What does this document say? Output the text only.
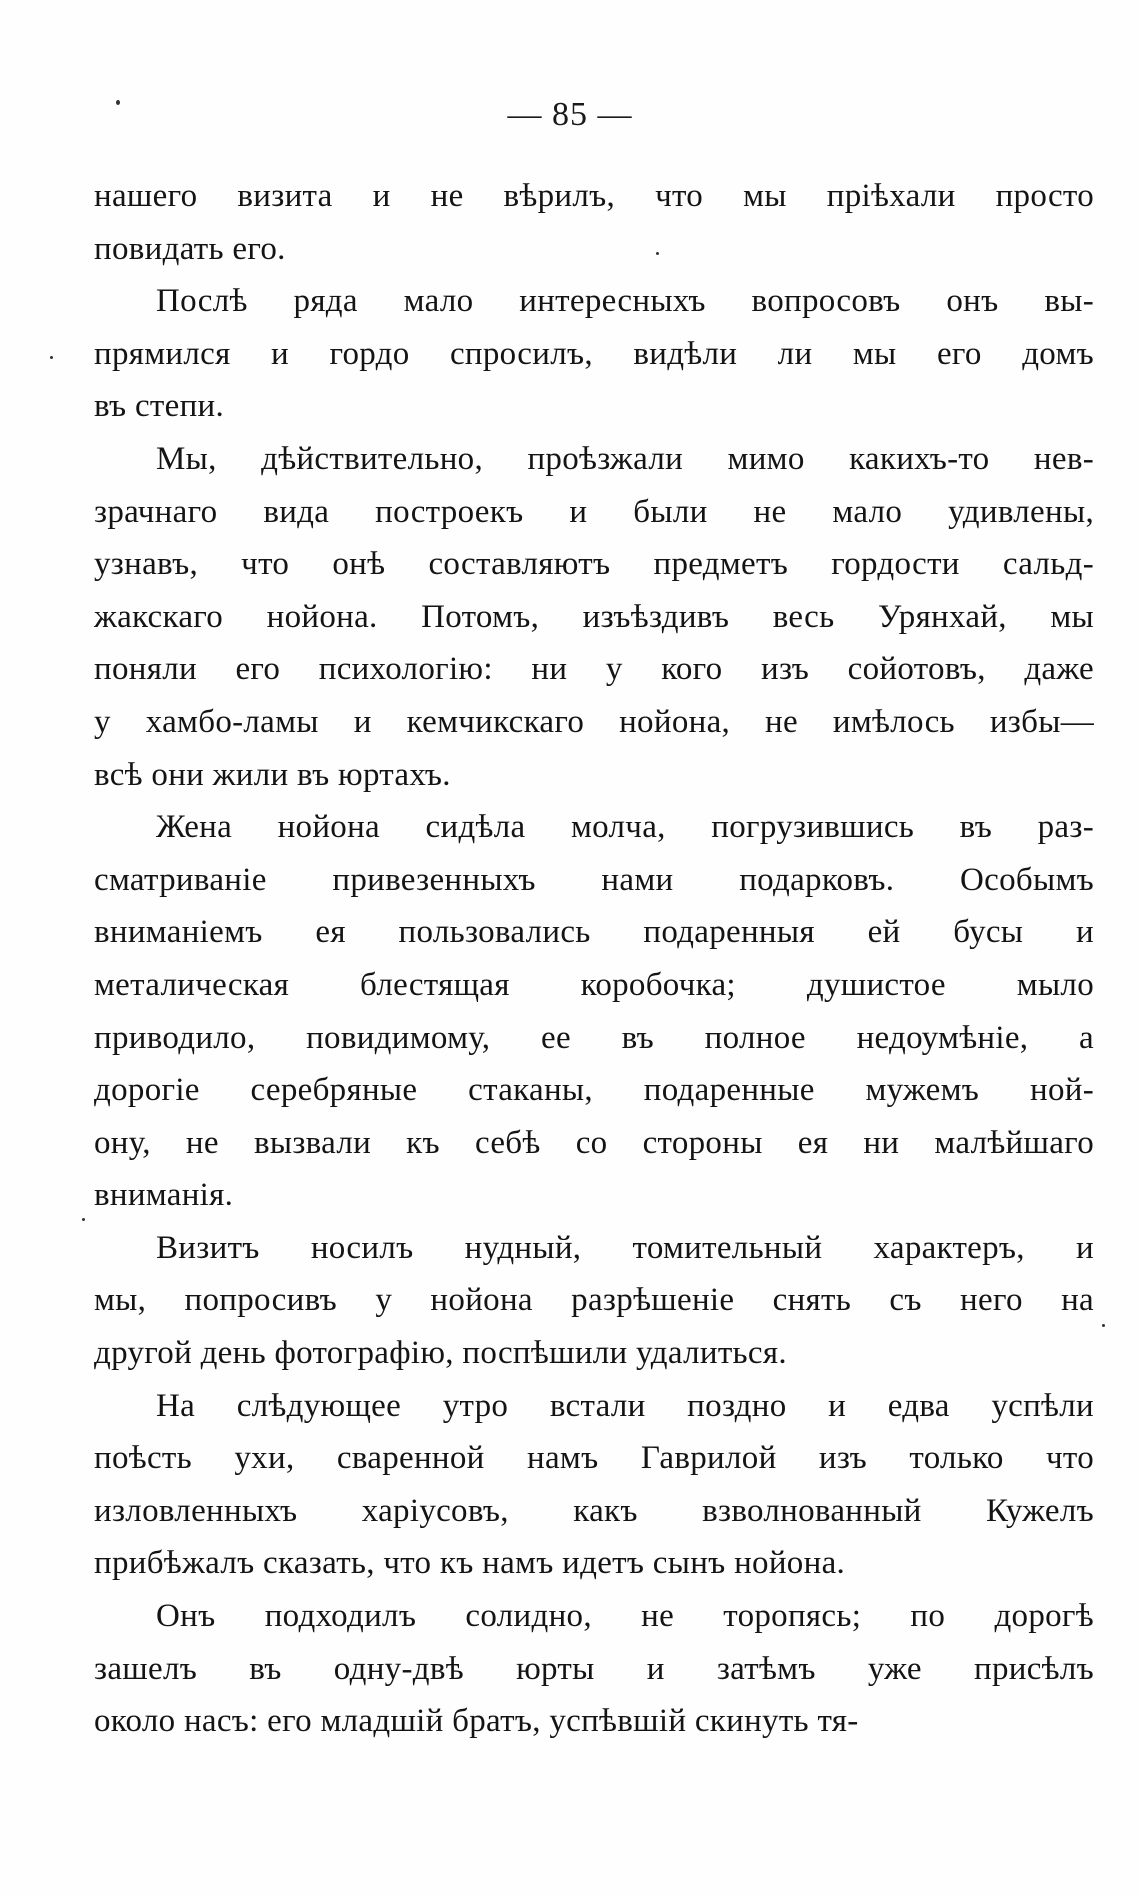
— 85 —
нашего визита и не вѣрилъ, что мы прiѣхали просто
повидать его.
Послѣ ряда мало интересныхъ вопросовъ онъ вы-
прямился и гордо спросилъ, видѣли ли мы его домъ
въ степи.
Мы, дѣйствительно, проѣзжали мимо какихъ-то нев-
зрачнаго вида построекъ и были не мало удивлены,
узнавъ, что онѣ составляютъ предметъ гордости сальд-
жакскаго нойона. Потомъ, изъѣздивъ весь Урянхай, мы
поняли его психологiю: ни у кого изъ сойотовъ, даже
у хамбо-ламы и кемчикскаго нойона, не имѣлось избы—
всѣ они жили въ юртахъ.
Жена нойона сидѣла молча, погрузившись въ раз-
сматриванiе привезенныхъ нами подарковъ. Особымъ
вниманiемъ ея пользовались подаренныя ей бусы и
металическая блестящая коробочка; душистое мыло
приводило, повидимому, ее въ полное недоумѣнiе, а
дорогiе серебряные стаканы, подаренные мужемъ ной-
ону, не вызвали къ себѣ со стороны ея ни малѣйшаго
вниманiя.
Визитъ носилъ нудный, томительный характеръ, и
мы, попросивъ у нойона разрѣшенiе снять съ него на
другой день фотографiю, поспѣшили удалиться.
На слѣдующее утро встали поздно и едва успѣли
поѣсть ухи, сваренной намъ Гаврилой изъ только что
изловленныхъ харiусовъ, какъ взволнованный Кужелъ
прибѣжалъ сказать, что къ намъ идетъ сынъ нойона.
Онъ подходилъ солидно, не торопясь; по дорогѣ
зашелъ въ одну-двѣ юрты и затѣмъ уже присѣлъ
около насъ: его младшiй братъ, успѣвшiй скинуть тя-
